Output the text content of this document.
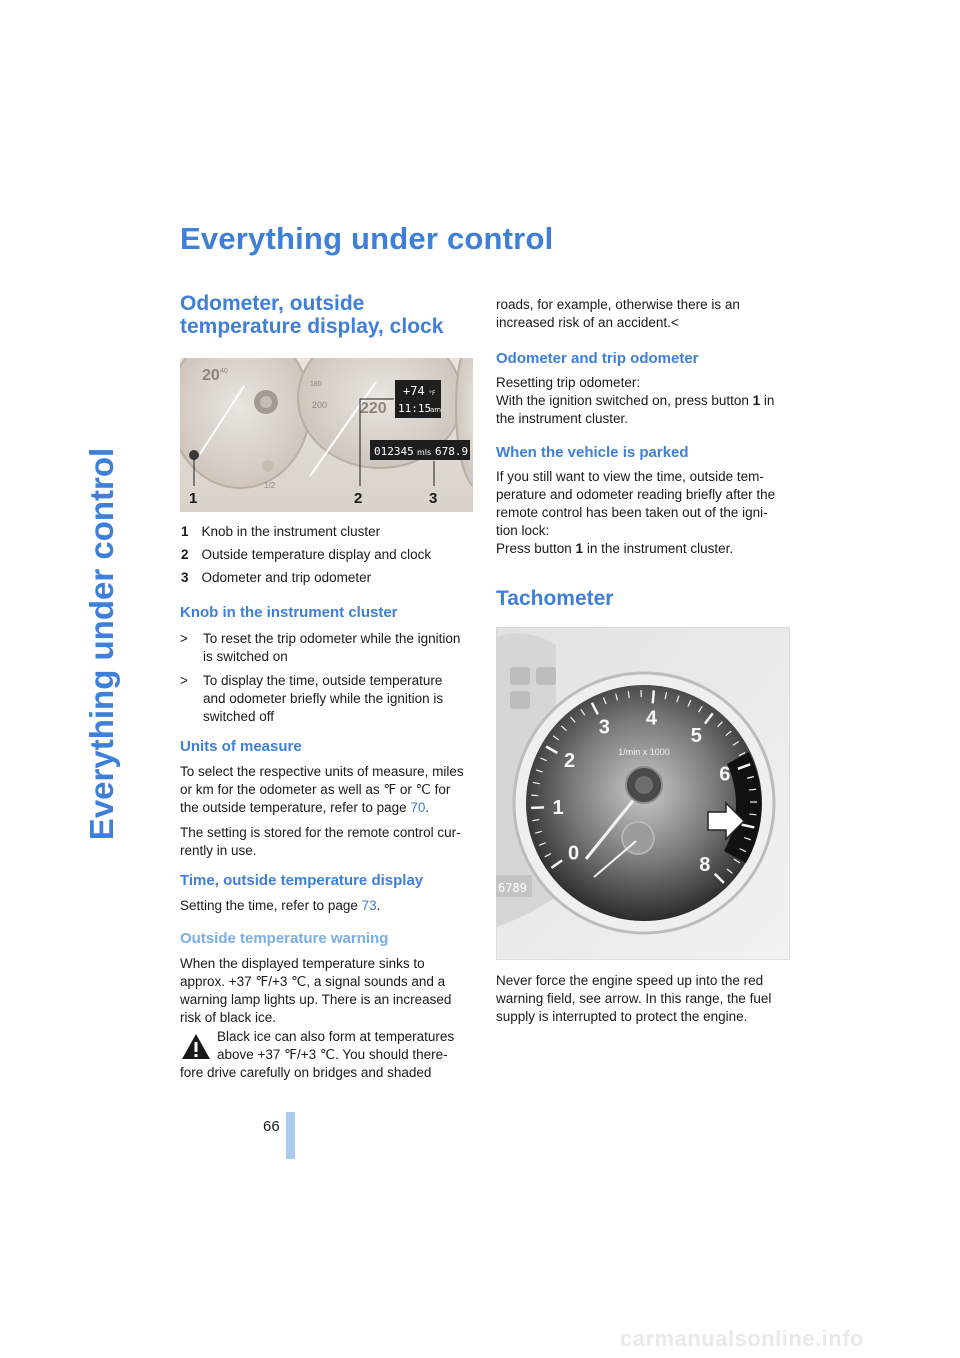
Everything under control
Everything under control
Odometer, outside
temperature display, clock
20 40
220
200
180
1/2
+74 °F
11:15
am
012345 mls 678.9
1	2	3
1 Knob in the instrument cluster
2 Outside temperature display and clock
3 Odometer and trip odometer
Knob in the instrument cluster
> To reset the trip odometer while the ignition
is switched on
> To display the time, outside temperature
and odometer briefly while the ignition is
switched off
Units of measure
To select the respective units of measure, miles
or km for the odometer as well as ℉ or ℃ for
the outside temperature, refer to page 70.
The setting is stored for the remote control cur-
rently in use.
Time, outside temperature display
Setting the time, refer to page 73.
Outside temperature warning
When the displayed temperature sinks to
approx. +37 ℉/+3 ℃, a signal sounds and a
warning lamp lights up. There is an increased
risk of black ice.
Black ice can also form at temperatures
above +37 ℉/+3 ℃. You should there-
fore drive carefully on bridges and shaded
roads, for example, otherwise there is an
increased risk of an accident.<
Odometer and trip odometer
Resetting trip odometer:
With the ignition switched on, press button 1 in
the instrument cluster.
When the vehicle is parked
If you still want to view the time, outside tem-
perature and odometer reading briefly after the
remote control has been taken out of the igni-
tion lock:
Press button 1 in the instrument cluster.
Tachometer
6789
0
1
2
3 4
5
6
8
1/min x 1000
Never force the engine speed up into the red
warning field, see arrow. In this range, the fuel
supply is interrupted to protect the engine.
66
carmanualsonline.info
